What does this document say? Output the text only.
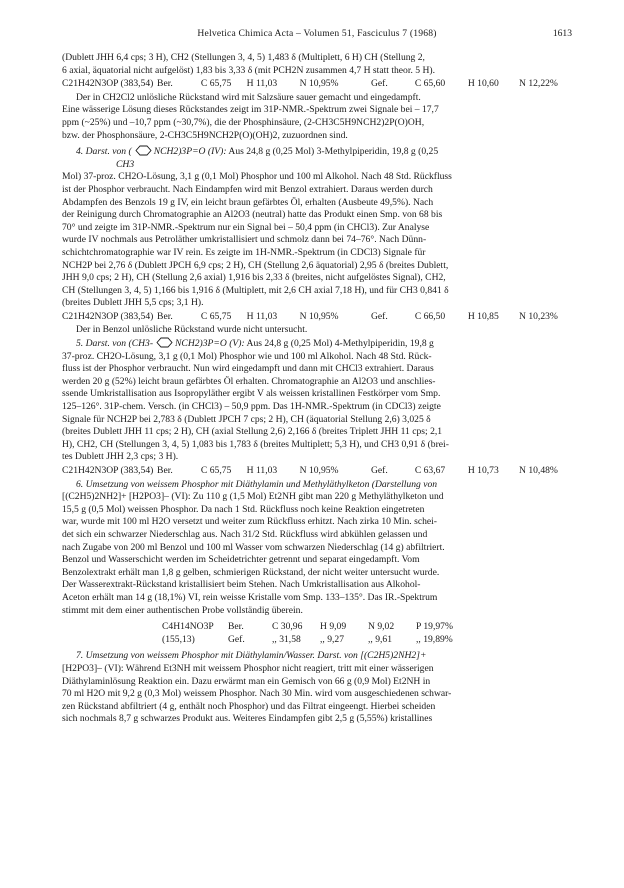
Helvetica Chimica Acta – Volumen 51, Fasciculus 7 (1968)	1613

(Dublett JHH 6,4 cps; 3 H), CH2 (Stellungen 3, 4, 5) 1,483 δ (Multiplett, 6 H) CH (Stellung 2,

6 axial, äquatorial nicht aufgelöst) 1,83 bis 3,33 δ (mit PCH2N zusammen 4,7 H statt theor. 5 H).

C21H42N3OP (383,54) Ber.	C 65,75	H 11,03	N 10,95%	Gef.	C 65,60	H 10,60	N 12,22%

Der in CH2Cl2 unlösliche Rückstand wird mit Salzsäure sauer gemacht und eingedampft.

Eine wässerige Lösung dieses Rückstandes zeigt im 31P-NMR.-Spektrum zwei Signale bei – 17,7

ppm (~25%) und –10,7 ppm (~30,7%), die der Phosphinsäure, (2-CH3C5H9NCH2)2P(O)OH,

bzw. der Phosphonsäure, 2-CH3C5H9NCH2P(O)(OH)2, zuzuordnen sind.

4. Darst. von ( NCH2)3P=O (IV): Aus 24,8 g (0,25 Mol) 3-Methylpiperidin, 19,8 g (0,25

CH3

Mol) 37-proz. CH2O-Lösung, 3,1 g (0,1 Mol) Phosphor und 100 ml Alkohol. Nach 48 Std. Rückfluss

ist der Phosphor verbraucht. Nach Eindampfen wird mit Benzol extrahiert. Daraus werden durch

Abdampfen des Benzols 19 g IV, ein leicht braun gefärbtes Öl, erhalten (Ausbeute 49,5%). Nach

der Reinigung durch Chromatographie an Al2O3 (neutral) hatte das Produkt einen Smp. von 68 bis

70° und zeigte im 31P-NMR.-Spektrum nur ein Signal bei – 50,4 ppm (in CHCl3). Zur Analyse

wurde IV nochmals aus Petroläther umkristallisiert und schmolz dann bei 74–76°. Nach Dünn-

schichtchromatographie war IV rein. Es zeigte im 1H-NMR.-Spektrum (in CDCl3) Signale für

NCH2P bei 2,76 δ (Dublett JPCH 6,9 cps; 2 H), CH (Stellung 2,6 äquatorial) 2,95 δ (breites Dublett,

JHH 9,0 cps; 2 H), CH (Stellung 2,6 axial) 1,916 bis 2,33 δ (breites, nicht aufgelöstes Signal), CH2,

CH (Stellungen 3, 4, 5) 1,166 bis 1,916 δ (Multiplett, mit 2,6 CH axial 7,18 H), und für CH3 0,841 δ

(breites Dublett JHH 5,5 cps; 3,1 H).

C21H42N3OP (383,54) Ber.	C 65,75	H 11,03	N 10,95%	Gef.	C 66,50	H 10,85	N 10,23%

Der in Benzol unlösliche Rückstand wurde nicht untersucht.

5. Darst. von (CH3- NCH2)3P=O (V): Aus 24,8 g (0,25 Mol) 4-Methylpiperidin, 19,8 g

37-proz. CH2O-Lösung, 3,1 g (0,1 Mol) Phosphor wie und 100 ml Alkohol. Nach 48 Std. Rück-

fluss ist der Phosphor verbraucht. Nun wird eingedampft und dann mit CHCl3 extrahiert. Daraus

werden 20 g (52%) leicht braun gefärbtes Öl erhalten. Chromatographie an Al2O3 und anschlies-

ssende Umkristallisation aus Isopropyläther ergibt V als weissen kristallinen Festkörper vom Smp.

125–126°. 31P-chem. Versch. (in CHCl3) – 50,9 ppm. Das 1H-NMR.-Spektrum (in CDCl3) zeigte

Signale für NCH2P bei 2,783 δ (Dublett JPCH 7 cps; 2 H), CH (äquatorial Stellung 2,6) 3,025 δ

(breites Dublett JHH 11 cps; 2 H), CH (axial Stellung 2,6) 2,166 δ (breites Triplett JHH 11 cps; 2,1

H), CH2, CH (Stellungen 3, 4, 5) 1,083 bis 1,783 δ (breites Multiplett; 5,3 H), und CH3 0,91 δ (brei-

tes Dublett JHH 2,3 cps; 3 H).

C21H42N3OP (383,54) Ber.	C 65,75	H 11,03	N 10,95%	Gef.	C 63,67	H 10,73	N 10,48%

6. Umsetzung von weissem Phosphor mit Diäthylamin und Methyläthylketon (Darstellung von

[(C2H5)2NH2]+ [H2PO3]– (VI): Zu 110 g (1,5 Mol) Et2NH gibt man 220 g Methyläthylketon und

15,5 g (0,5 Mol) weissen Phosphor. Da nach 1 Std. Rückfluss noch keine Reaktion eingetreten

war, wurde mit 100 ml H2O versetzt und weiter zum Rückfluss erhitzt. Nach zirka 10 Min. schei-

det sich ein schwarzer Niederschlag aus. Nach 31/2 Std. Rückfluss wird abkühlen gelassen und

nach Zugabe von 200 ml Benzol und 100 ml Wasser vom schwarzen Niederschlag (14 g) abfiltriert.

Benzol und Wasserschicht werden im Scheidetrichter getrennt und separat eingedampft. Vom

Benzolextrakt erhält man 1,8 g gelben, schmierigen Rückstand, der nicht weiter untersucht wurde.

Der Wasserextrakt-Rückstand kristallisiert beim Stehen. Nach Umkristallisation aus Alkohol-

Aceton erhält man 14 g (18,1%) VI, rein weisse Kristalle vom Smp. 133–135°. Das IR.-Spektrum

stimmt mit dem einer authentischen Probe vollständig überein.

C4H14NO3P	Ber.	C 30,96	H 9,09	N 9,02	P 19,97%
(155,13)	Gef.	,, 31,58	,, 9,27	,, 9,61	,, 19,89%

7. Umsetzung von weissem Phosphor mit Diäthylamin/Wasser. Darst. von [(C2H5)2NH2]+

[H2PO3]– (VI): Während Et3NH mit weissem Phosphor nicht reagiert, tritt mit einer wässerigen

Diäthylaminlösung Reaktion ein. Dazu erwärmt man ein Gemisch von 66 g (0,9 Mol) Et2NH in

70 ml H2O mit 9,2 g (0,3 Mol) weissem Phosphor. Nach 30 Min. wird vom ausgeschiedenen schwar-

zen Rückstand abfiltriert (4 g, enthält noch Phosphor) und das Filtrat eingeengt. Hierbei scheiden

sich nochmals 8,7 g schwarzes Produkt aus. Weiteres Eindampfen gibt 2,5 g (5,55%) kristallines
